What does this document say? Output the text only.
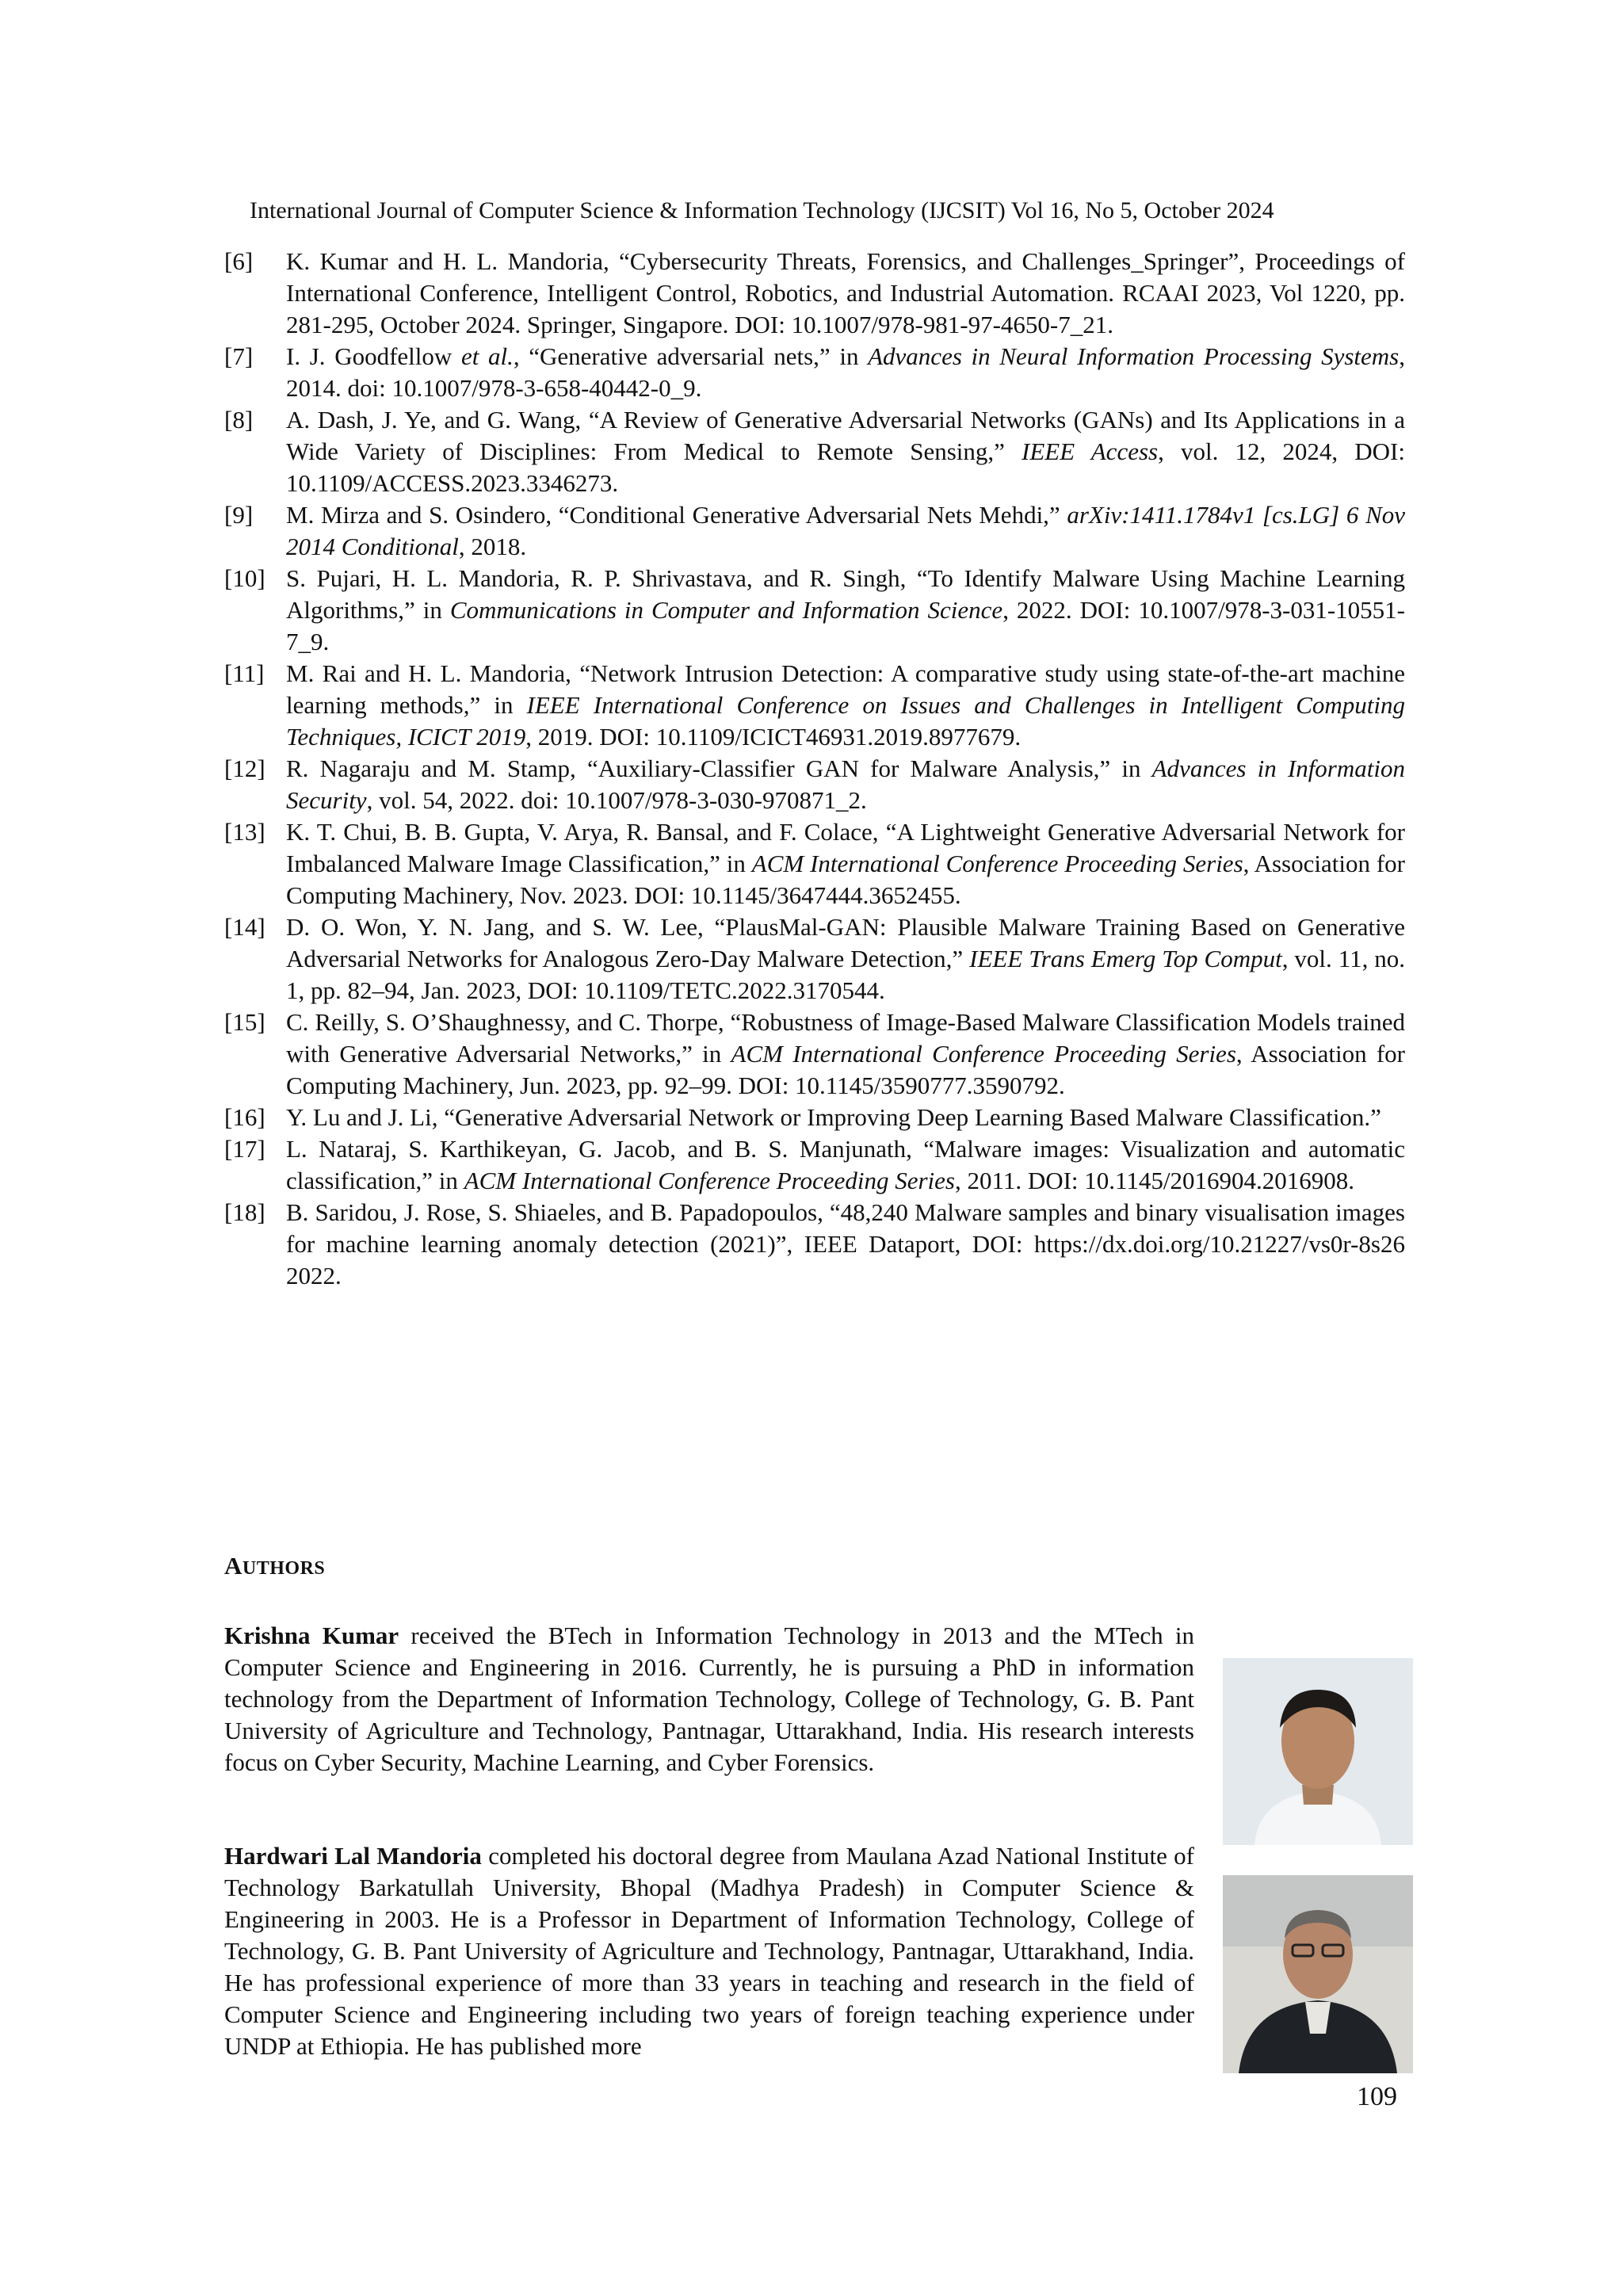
International Journal of Computer Science & Information Technology (IJCSIT) Vol 16, No 5, October 2024
[6]	K. Kumar and H. L. Mandoria, “Cybersecurity Threats, Forensics, and Challenges_Springer”, Proceedings of International Conference, Intelligent Control, Robotics, and Industrial Automation. RCAAI 2023, Vol 1220, pp. 281-295, October 2024. Springer, Singapore. DOI: 10.1007/978-981-97-4650-7_21.
[7]	I. J. Goodfellow et al., “Generative adversarial nets,” in Advances in Neural Information Processing Systems, 2014. doi: 10.1007/978-3-658-40442-0_9.
[8]	A. Dash, J. Ye, and G. Wang, “A Review of Generative Adversarial Networks (GANs) and Its Applications in a Wide Variety of Disciplines: From Medical to Remote Sensing,” IEEE Access, vol. 12, 2024, DOI: 10.1109/ACCESS.2023.3346273.
[9]	M. Mirza and S. Osindero, “Conditional Generative Adversarial Nets Mehdi,” arXiv:1411.1784v1 [cs.LG] 6 Nov 2014 Conditional, 2018.
[10] S. Pujari, H. L. Mandoria, R. P. Shrivastava, and R. Singh, “To Identify Malware Using Machine Learning Algorithms,” in Communications in Computer and Information Science, 2022. DOI: 10.1007/978-3-031-10551-7_9.
[11] M. Rai and H. L. Mandoria, “Network Intrusion Detection: A comparative study using state-of-the-art machine learning methods,” in IEEE International Conference on Issues and Challenges in Intelligent Computing Techniques, ICICT 2019, 2019. DOI: 10.1109/ICICT46931.2019.8977679.
[12] R. Nagaraju and M. Stamp, “Auxiliary-Classifier GAN for Malware Analysis,” in Advances in Information Security, vol. 54, 2022. doi: 10.1007/978-3-030-970871_2.
[13] K. T. Chui, B. B. Gupta, V. Arya, R. Bansal, and F. Colace, “A Lightweight Generative Adversarial Network for Imbalanced Malware Image Classification,” in ACM International Conference Proceeding Series, Association for Computing Machinery, Nov. 2023. DOI: 10.1145/3647444.3652455.
[14] D. O. Won, Y. N. Jang, and S. W. Lee, “PlausMal-GAN: Plausible Malware Training Based on Generative Adversarial Networks for Analogous Zero-Day Malware Detection,” IEEE Trans Emerg Top Comput, vol. 11, no. 1, pp. 82–94, Jan. 2023, DOI: 10.1109/TETC.2022.3170544.
[15] C. Reilly, S. O’Shaughnessy, and C. Thorpe, “Robustness of Image-Based Malware Classification Models trained with Generative Adversarial Networks,” in ACM International Conference Proceeding Series, Association for Computing Machinery, Jun. 2023, pp. 92–99. DOI: 10.1145/3590777.3590792.
[16] Y. Lu and J. Li, “Generative Adversarial Network or Improving Deep Learning Based Malware Classification.”
[17] L. Nataraj, S. Karthikeyan, G. Jacob, and B. S. Manjunath, “Malware images: Visualization and automatic classification,” in ACM International Conference Proceeding Series, 2011. DOI: 10.1145/2016904.2016908.
[18] B. Saridou, J. Rose, S. Shiaeles, and B. Papadopoulos, “48,240 Malware samples and binary visualisation images for machine learning anomaly detection (2021)”, IEEE Dataport, DOI: https://dx.doi.org/10.21227/vs0r-8s26 2022.
AUTHORS
Krishna Kumar received the BTech in Information Technology in 2013 and the MTech in Computer Science and Engineering in 2016. Currently, he is pursuing a PhD in information technology from the Department of Information Technology, College of Technology, G. B. Pant University of Agriculture and Technology, Pantnagar, Uttarakhand, India. His research interests focus on Cyber Security, Machine Learning, and Cyber Forensics.
Hardwari Lal Mandoria completed his doctoral degree from Maulana Azad National Institute of Technology Barkatullah University, Bhopal (Madhya Pradesh) in Computer Science & Engineering in 2003. He is a Professor in Department of Information Technology, College of Technology, G. B. Pant University of Agriculture and Technology, Pantnagar, Uttarakhand, India. He has professional experience of more than 33 years in teaching and research in the field of Computer Science and Engineering including two years of foreign teaching experience under UNDP at Ethiopia. He has published more
109
